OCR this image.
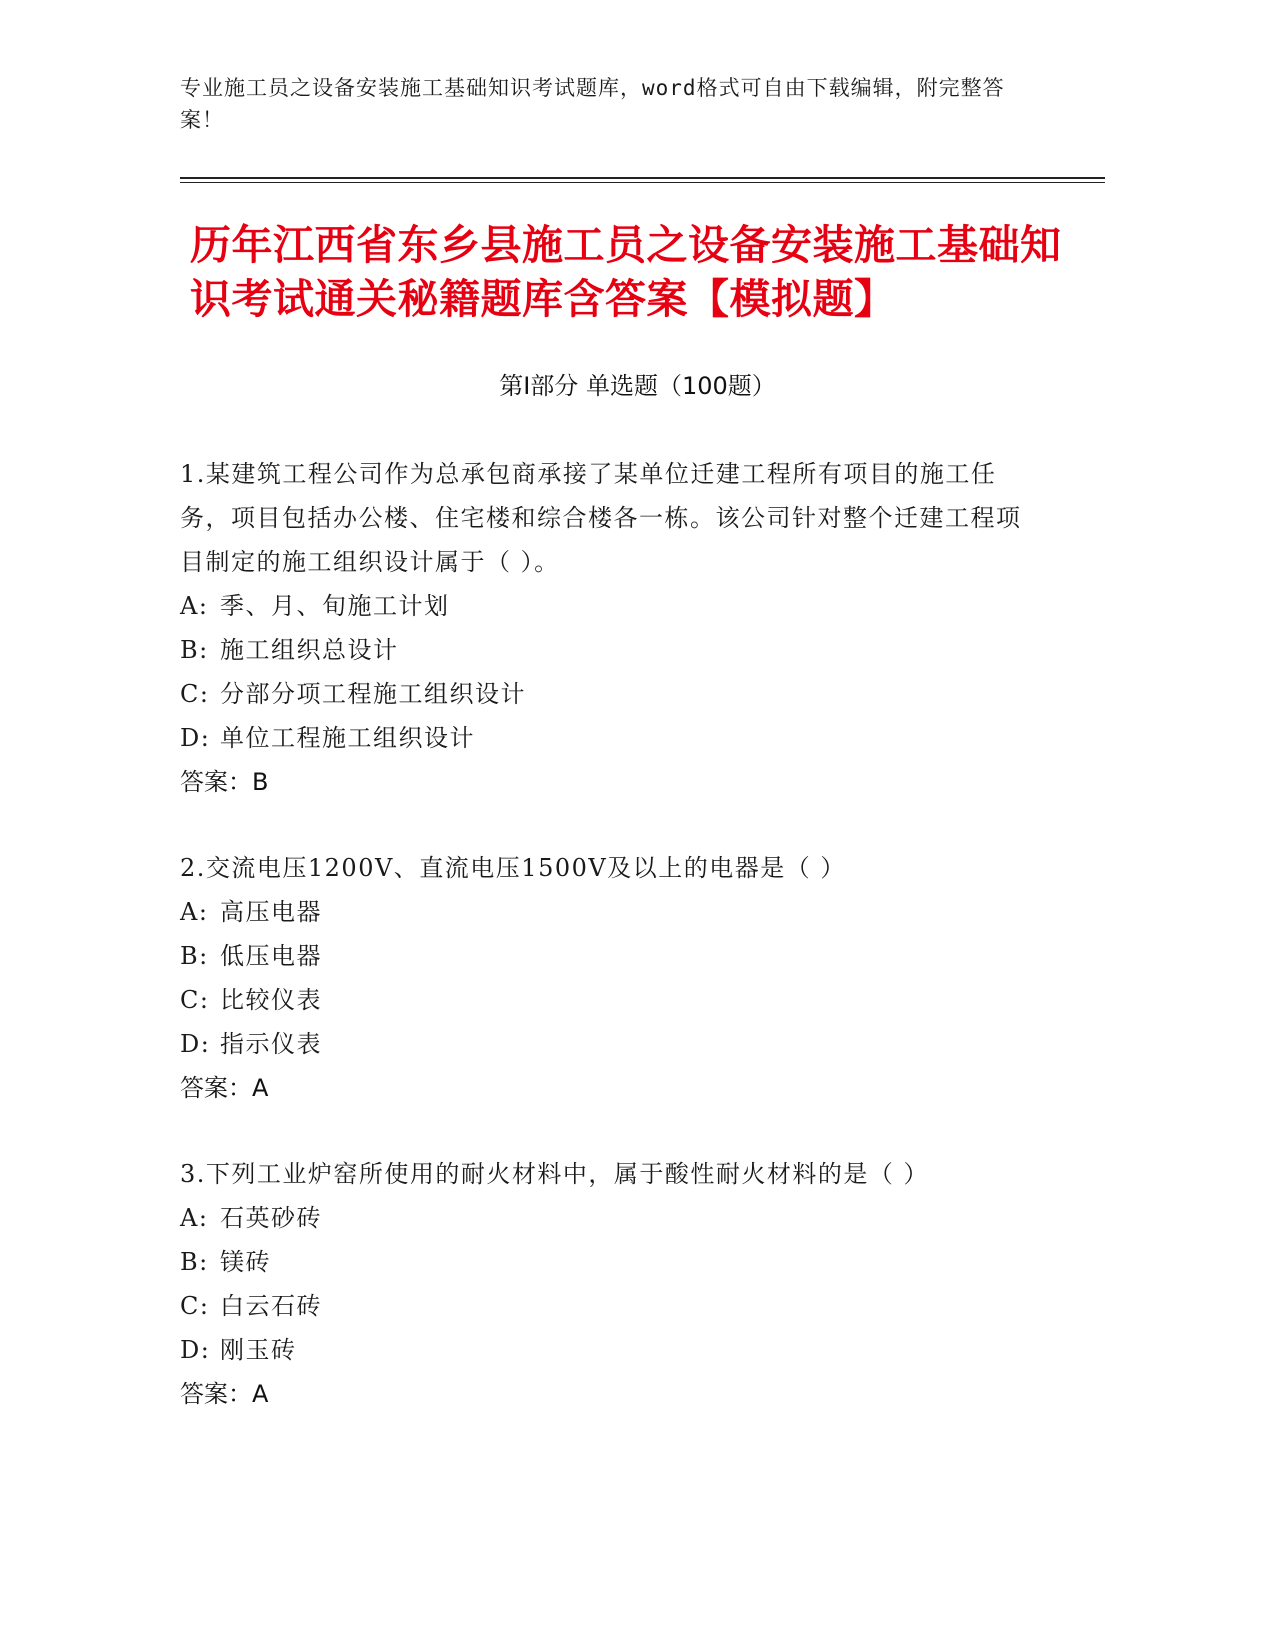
专业施工员之设备安装施工基础知识考试题库，word格式可自由下载编辑，附完整答案！
历年江西省东乡县施工员之设备安装施工基础知识考试通关秘籍题库含答案【模拟题】
第Ⅰ部分 单选题（100题）

1.某建筑工程公司作为总承包商承接了某单位迁建工程所有项目的施工任务，项目包括办公楼、住宅楼和综合楼各一栋。该公司针对整个迁建工程项目制定的施工组织设计属于（ ）。

A: 季、月、旬施工计划

B: 施工组织总设计

C: 分部分项工程施工组织设计

D: 单位工程施工组织设计

答案：B

2.交流电压1200V、直流电压1500V及以上的电器是（ ）

A: 高压电器

B: 低压电器

C: 比较仪表

D: 指示仪表

答案：A

3.下列工业炉窑所使用的耐火材料中，属于酸性耐火材料的是（ ）

A: 石英砂砖

B: 镁砖

C: 白云石砖

D: 刚玉砖

答案：A
